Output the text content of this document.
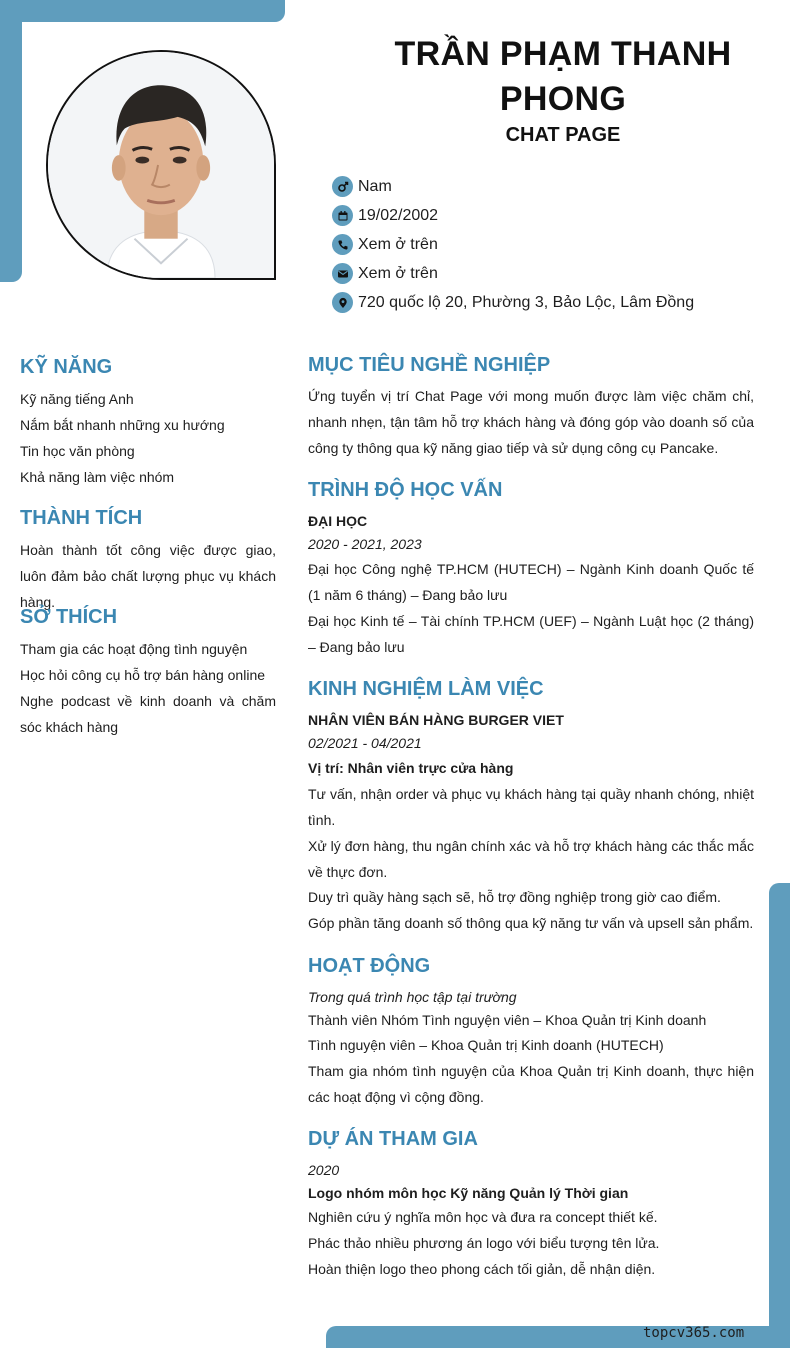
TRẦN PHẠM THANH PHONG
CHAT PAGE
Nam
19/02/2002
Xem ở trên
Xem ở trên
720 quốc lộ 20, Phường 3, Bảo Lộc, Lâm Đồng
KỸ NĂNG
Kỹ năng tiếng Anh
Nắm bắt nhanh những xu hướng
Tin học văn phòng
Khả năng làm việc nhóm
THÀNH TÍCH
Hoàn thành tốt công việc được giao, luôn đảm bảo chất lượng phục vụ khách hàng.
SỞ THÍCH
Tham gia các hoạt động tình nguyện
Học hỏi công cụ hỗ trợ bán hàng online
Nghe podcast về kinh doanh và chăm sóc khách hàng
MỤC TIÊU NGHỀ NGHIỆP
Ứng tuyển vị trí Chat Page với mong muốn được làm việc chăm chỉ, nhanh nhẹn, tận tâm hỗ trợ khách hàng và đóng góp vào doanh số của công ty thông qua kỹ năng giao tiếp và sử dụng công cụ Pancake.
TRÌNH ĐỘ HỌC VẤN
ĐẠI HỌC
2020 - 2021, 2023
Đại học Công nghệ TP.HCM (HUTECH) – Ngành Kinh doanh Quốc tế (1 năm 6 tháng) – Đang bảo lưu
Đại học Kinh tế – Tài chính TP.HCM (UEF) – Ngành Luật học (2 tháng) – Đang bảo lưu
KINH NGHIỆM LÀM VIỆC
NHÂN VIÊN BÁN HÀNG BURGER VIET
02/2021 - 04/2021
Vị trí: Nhân viên trực cửa hàng
Tư vấn, nhận order và phục vụ khách hàng tại quầy nhanh chóng, nhiệt tình.
Xử lý đơn hàng, thu ngân chính xác và hỗ trợ khách hàng các thắc mắc về thực đơn.
Duy trì quầy hàng sạch sẽ, hỗ trợ đồng nghiệp trong giờ cao điểm.
Góp phần tăng doanh số thông qua kỹ năng tư vấn và upsell sản phẩm.
HOẠT ĐỘNG
Trong quá trình học tập tại trường
Thành viên Nhóm Tình nguyện viên – Khoa Quản trị Kinh doanh
Tình nguyện viên – Khoa Quản trị Kinh doanh (HUTECH)
Tham gia nhóm tình nguyện của Khoa Quản trị Kinh doanh, thực hiện các hoạt động vì cộng đồng.
DỰ ÁN THAM GIA
2020
Logo nhóm môn học Kỹ năng Quản lý Thời gian
Nghiên cứu ý nghĩa môn học và đưa ra concept thiết kế.
Phác thảo nhiều phương án logo với biểu tượng tên lửa.
Hoàn thiện logo theo phong cách tối giản, dễ nhận diện.
topcv365.com
